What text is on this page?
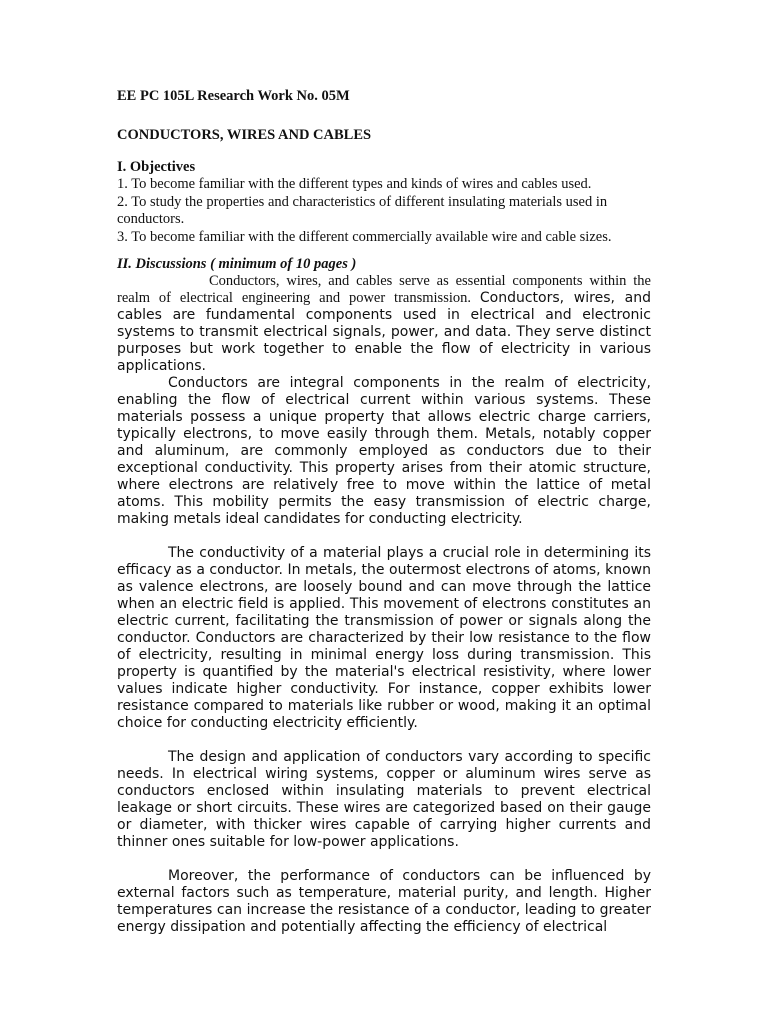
EE PC 105L Research Work No. 05M

CONDUCTORS, WIRES AND CABLES

I. Objectives

1. To become familiar with the different types and kinds of wires and cables used.

2. To study the properties and characteristics of different insulating materials used in conductors.

3. To become familiar with the different commercially available wire and cable sizes.

II. Discussions ( minimum of 10 pages )

Conductors, wires, and cables serve as essential components within the realm of electrical engineering and power transmission. Conductors, wires, and cables are fundamental components used in electrical and electronic systems to transmit electrical signals, power, and data. They serve distinct purposes but work together to enable the flow of electricity in various applications.

Conductors are integral components in the realm of electricity, enabling the flow of electrical current within various systems. These materials possess a unique property that allows electric charge carriers, typically electrons, to move easily through them. Metals, notably copper and aluminum, are commonly employed as conductors due to their exceptional conductivity. This property arises from their atomic structure, where electrons are relatively free to move within the lattice of metal atoms. This mobility permits the easy transmission of electric charge, making metals ideal candidates for conducting electricity.

The conductivity of a material plays a crucial role in determining its efficacy as a conductor. In metals, the outermost electrons of atoms, known as valence electrons, are loosely bound and can move through the lattice when an electric field is applied. This movement of electrons constitutes an electric current, facilitating the transmission of power or signals along the conductor. Conductors are characterized by their low resistance to the flow of electricity, resulting in minimal energy loss during transmission. This property is quantified by the material's electrical resistivity, where lower values indicate higher conductivity. For instance, copper exhibits lower resistance compared to materials like rubber or wood, making it an optimal choice for conducting electricity efficiently.

The design and application of conductors vary according to specific needs. In electrical wiring systems, copper or aluminum wires serve as conductors enclosed within insulating materials to prevent electrical leakage or short circuits. These wires are categorized based on their gauge or diameter, with thicker wires capable of carrying higher currents and thinner ones suitable for low-power applications.

Moreover, the performance of conductors can be influenced by external factors such as temperature, material purity, and length. Higher temperatures can increase the resistance of a conductor, leading to greater energy dissipation and potentially affecting the efficiency of electrical
